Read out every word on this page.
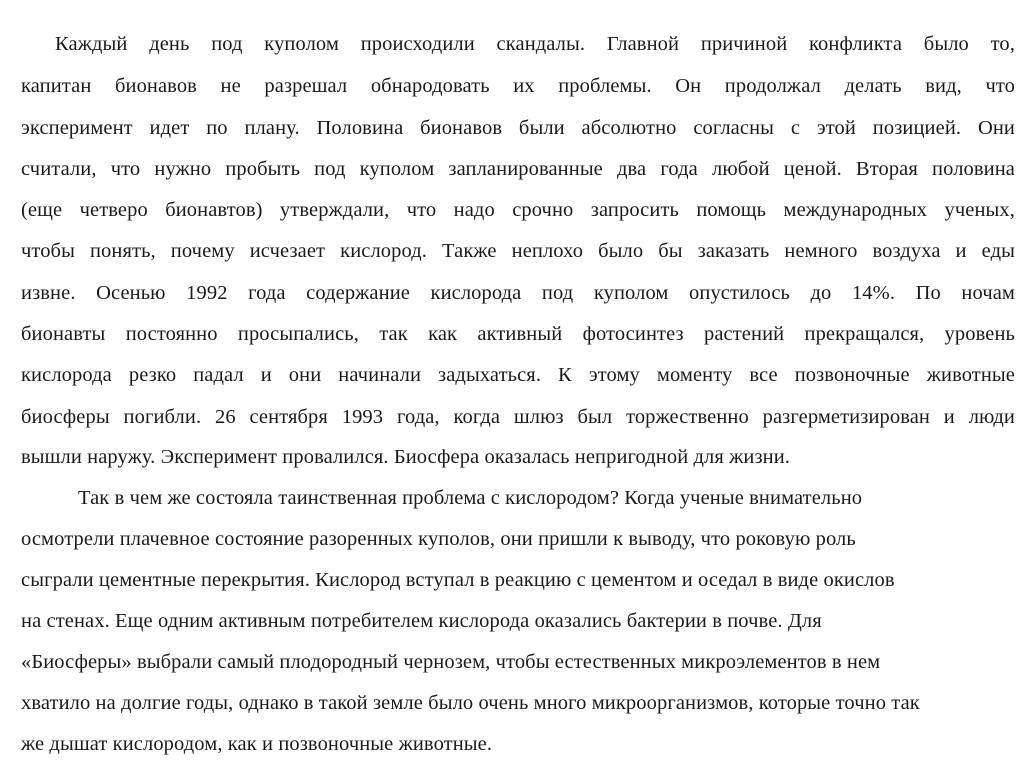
Каждый день под куполом происходили скандалы. Главной причиной конфликта было то,
капитан бионавов не разрешал обнародовать их проблемы. Он продолжал делать вид, что
эксперимент идет по плану. Половина бионавов были абсолютно согласны с этой позицией. Они
считали, что нужно пробыть под куполом запланированные два года любой ценой. Вторая половина
(еще четверо бионавтов) утверждали, что надо срочно запросить помощь международных ученых,
чтобы понять, почему исчезает кислород. Также неплохо было бы заказать немного воздуха и еды
извне. Осенью 1992 года содержание кислорода под куполом опустилось до 14%. По ночам
бионавты постоянно просыпались, так как активный фотосинтез растений прекращался, уровень
кислорода резко падал и они начинали задыхаться. К этому моменту все позвоночные животные
биосферы погибли. 26 сентября 1993 года, когда шлюз был торжественно разгерметизирован и люди
вышли наружу. Эксперимент провалился. Биосфера оказалась непригодной для жизни.
Так в чем же состояла таинственная проблема с кислородом? Когда ученые внимательно
осмотрели плачевное состояние разоренных куполов, они пришли к выводу, что роковую роль
сыграли цементные перекрытия. Кислород вступал в реакцию с цементом и оседал в виде окислов
на стенах. Еще одним активным потребителем кислорода оказались бактерии в почве. Для
«Биосферы» выбрали самый плодородный чернозем, чтобы естественных микроэлементов в нем
хватило на долгие годы, однако в такой земле было очень много микроорганизмов, которые точно так
же дышат кислородом, как и позвоночные животные.
